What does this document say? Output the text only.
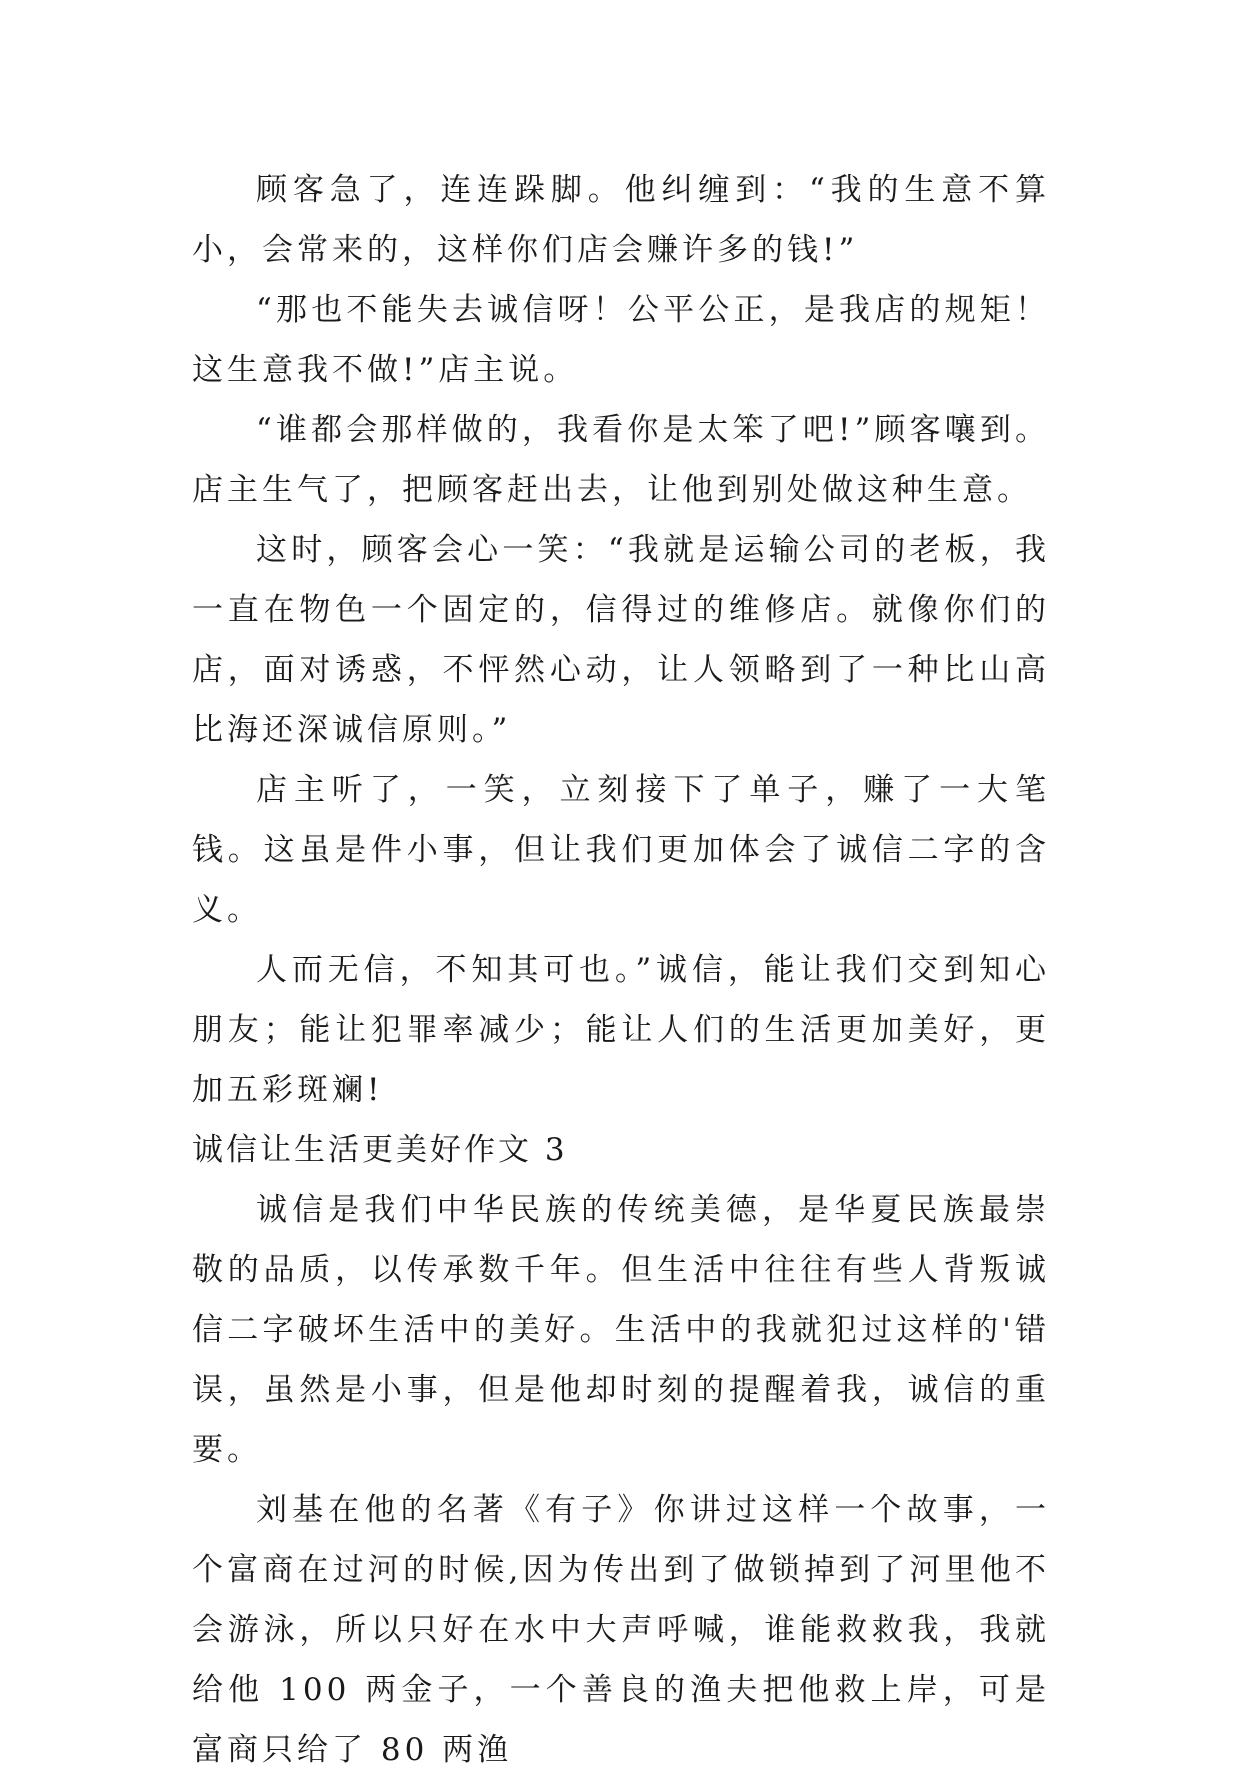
顾客急了，连连跺脚。他纠缠到：“我的生意不算小，会常来的，这样你们店会赚许多的钱!”

“那也不能失去诚信呀！公平公正，是我店的规矩！这生意我不做!”店主说。

“谁都会那样做的，我看你是太笨了吧!”顾客嚷到。店主生气了，把顾客赶出去，让他到别处做这种生意。

这时，顾客会心一笑：“我就是运输公司的老板，我一直在物色一个固定的，信得过的维修店。就像你们的店，面对诱惑，不怦然心动，让人领略到了一种比山高比海还深诚信原则。”

店主听了，一笑，立刻接下了单子，赚了一大笔钱。这虽是件小事，但让我们更加体会了诚信二字的含义。

人而无信，不知其可也。”诚信，能让我们交到知心朋友；能让犯罪率减少；能让人们的生活更加美好，更加五彩斑斓!

诚信让生活更美好作文 3

诚信是我们中华民族的传统美德，是华夏民族最崇敬的品质，以传承数千年。但生活中往往有些人背叛诚信二字破坏生活中的美好。生活中的我就犯过这样的'错误，虽然是小事，但是他却时刻的提醒着我，诚信的重要。

刘基在他的名著《有子》你讲过这样一个故事，一个富商在过河的时候,因为传出到了做锁掉到了河里他不会游泳，所以只好在水中大声呼喊，谁能救救我，我就给他 100 两金子，一个善良的渔夫把他救上岸，可是富商只给了 80 两渔
